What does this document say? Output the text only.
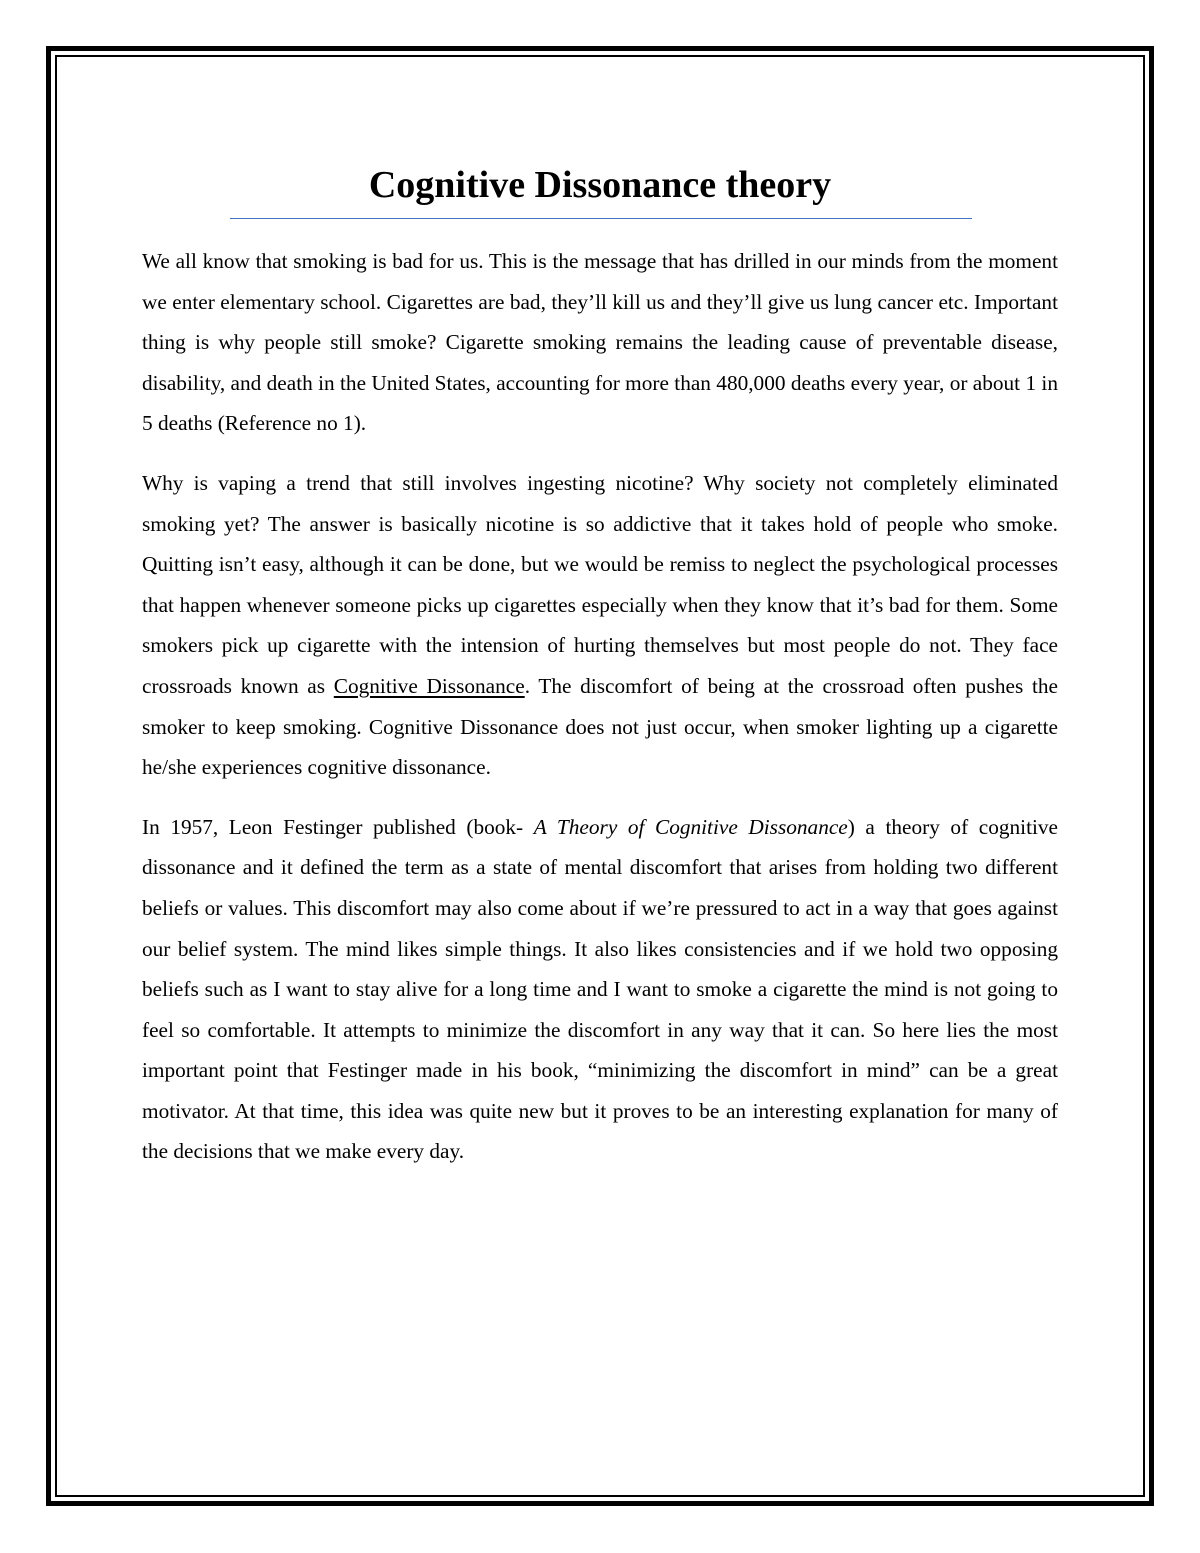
Cognitive Dissonance theory

We all know that smoking is bad for us. This is the message that has drilled in our minds from the moment we enter elementary school. Cigarettes are bad, they’ll kill us and they’ll give us lung cancer etc. Important thing is why people still smoke? Cigarette smoking remains the leading cause of preventable disease, disability, and death in the United States, accounting for more than 480,000 deaths every year, or about 1 in 5 deaths (Reference no 1).

Why is vaping a trend that still involves ingesting nicotine? Why society not completely eliminated smoking yet? The answer is basically nicotine is so addictive that it takes hold of people who smoke. Quitting isn’t easy, although it can be done, but we would be remiss to neglect the psychological processes that happen whenever someone picks up cigarettes especially when they know that it’s bad for them. Some smokers pick up cigarette with the intension of hurting themselves but most people do not. They face crossroads known as Cognitive Dissonance. The discomfort of being at the crossroad often pushes the smoker to keep smoking. Cognitive Dissonance does not just occur, when smoker lighting up a cigarette he/she experiences cognitive dissonance.

In 1957, Leon Festinger published (book- A Theory of Cognitive Dissonance) a theory of cognitive dissonance and it defined the term as a state of mental discomfort that arises from holding two different beliefs or values. This discomfort may also come about if we’re pressured to act in a way that goes against our belief system. The mind likes simple things. It also likes consistencies and if we hold two opposing beliefs such as I want to stay alive for a long time and I want to smoke a cigarette the mind is not going to feel so comfortable. It attempts to minimize the discomfort in any way that it can. So here lies the most important point that Festinger made in his book, “minimizing the discomfort in mind” can be a great motivator. At that time, this idea was quite new but it proves to be an interesting explanation for many of the decisions that we make every day.
